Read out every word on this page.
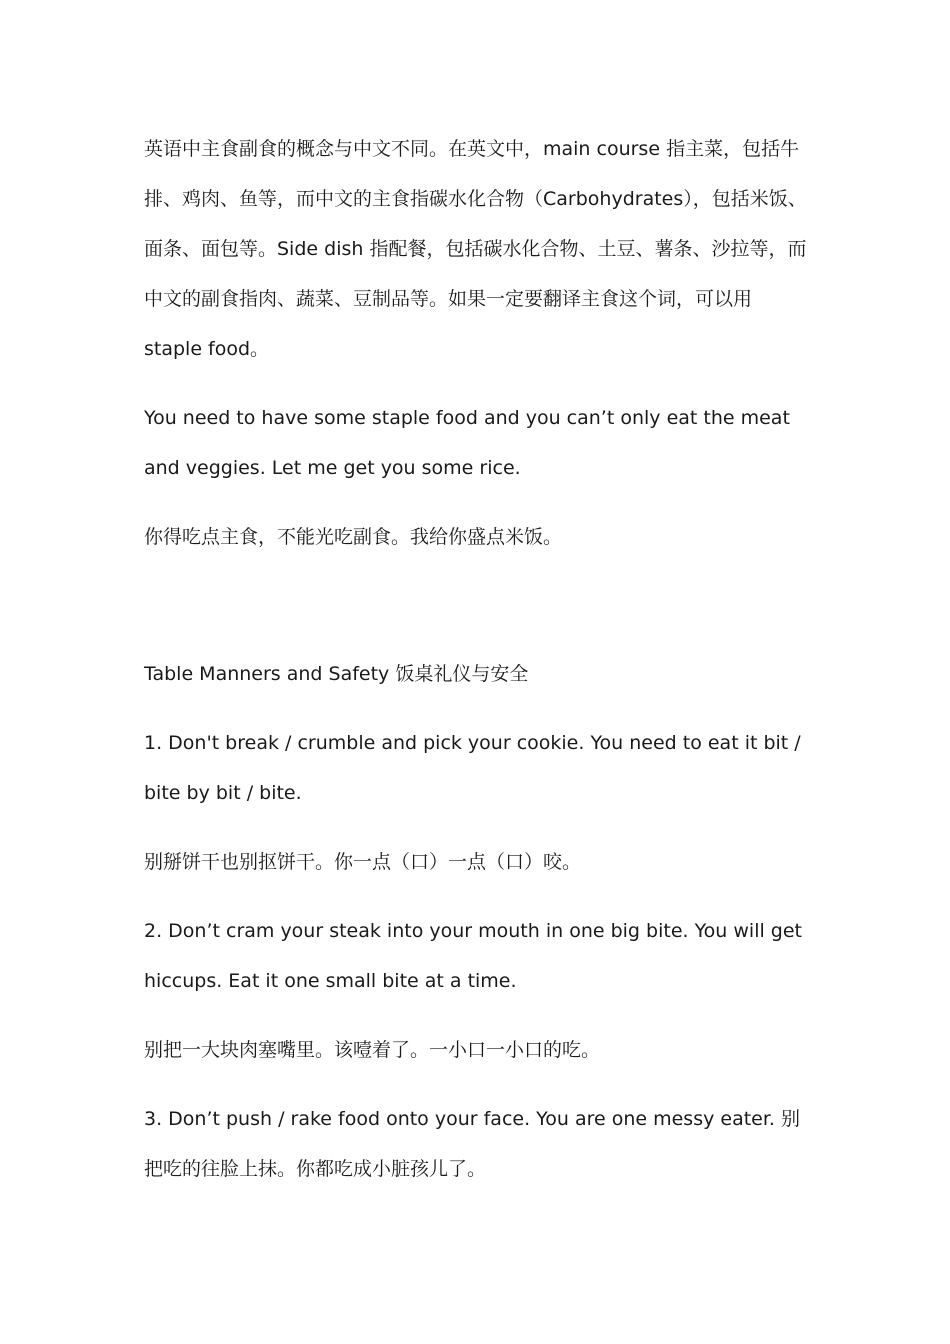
英语中主食副食的概念与中文不同。在英文中，main course 指主菜，包括牛排、鸡肉、鱼等，而中文的主食指碳水化合物（Carbohydrates），包括米饭、面条、面包等。Side dish 指配餐，包括碳水化合物、土豆、薯条、沙拉等，而中文的副食指肉、蔬菜、豆制品等。如果一定要翻译主食这个词，可以用 staple food。

You need to have some staple food and you can’t only eat the meat and veggies. Let me get you some rice.

你得吃点主食，不能光吃副食。我给你盛点米饭。

Table Manners and Safety 饭桌礼仪与安全

1. Don't break / crumble and pick your cookie. You need to eat it bit / bite by bit / bite.

别掰饼干也别抠饼干。你一点（口）一点（口）咬。

2. Don’t cram your steak into your mouth in one big bite. You will get hiccups. Eat it one small bite at a time.

别把一大块肉塞嘴里。该噎着了。一小口一小口的吃。

3. Don’t push / rake food onto your face. You are one messy eater. 别把吃的往脸上抹。你都吃成小脏孩儿了。
